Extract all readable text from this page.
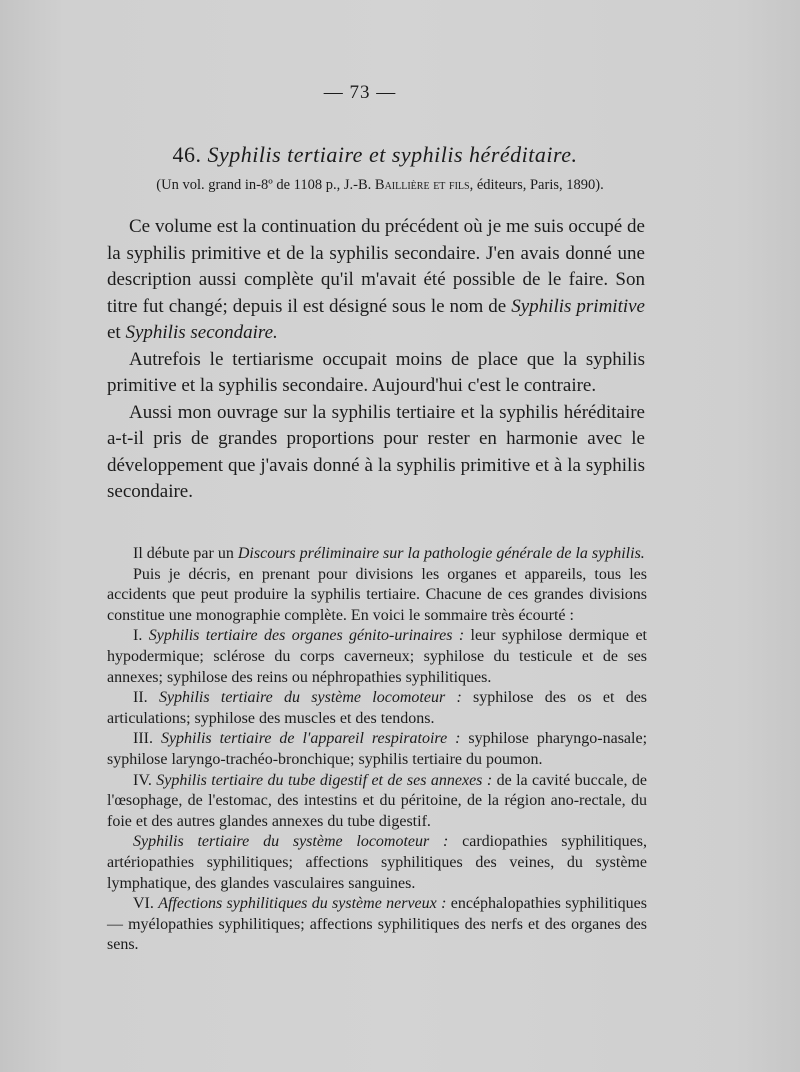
— 73 —
46. Syphilis tertiaire et syphilis héréditaire.
(Un vol. grand in-8º de 1108 p., J.-B. Baillière et fils, éditeurs, Paris, 1890).

Ce volume est la continuation du précédent où je me suis occupé de la syphilis primitive et de la syphilis secondaire. J'en avais donné une description aussi complète qu'il m'avait été possible de le faire. Son titre fut changé; depuis il est désigné sous le nom de Syphilis primitive et Syphilis secondaire.

Autrefois le tertiarisme occupait moins de place que la syphilis primitive et la syphilis secondaire. Aujourd'hui c'est le contraire.

Aussi mon ouvrage sur la syphilis tertiaire et la syphilis héréditaire a-t-il pris de grandes proportions pour rester en harmonie avec le développement que j'avais donné à la syphilis primitive et à la syphilis secondaire.

Il débute par un Discours préliminaire sur la pathologie générale de la syphilis.

Puis je décris, en prenant pour divisions les organes et appareils, tous les accidents que peut produire la syphilis tertiaire. Chacune de ces grandes divisions constitue une monographie complète. En voici le sommaire très écourté :

I. Syphilis tertiaire des organes génito-urinaires : leur syphilose dermique et hypodermique; sclérose du corps caverneux; syphilose du testicule et de ses annexes; syphilose des reins ou néphropathies syphilitiques.

II. Syphilis tertiaire du système locomoteur : syphilose des os et des articulations; syphilose des muscles et des tendons.

III. Syphilis tertiaire de l'appareil respiratoire : syphilose pharyngo-nasale; syphilose laryngo-trachéo-bronchique; syphilis tertiaire du poumon.

IV. Syphilis tertiaire du tube digestif et de ses annexes : de la cavité buccale, de l'œsophage, de l'estomac, des intestins et du péritoine, de la région ano-rectale, du foie et des autres glandes annexes du tube digestif.

Syphilis tertiaire du système locomoteur : cardiopathies syphilitiques, artériopathies syphilitiques; affections syphilitiques des veines, du système lymphatique, des glandes vasculaires sanguines.

VI. Affections syphilitiques du système nerveux : encéphalopathies syphilitiques — myélopathies syphilitiques; affections syphilitiques des nerfs et des organes des sens.
